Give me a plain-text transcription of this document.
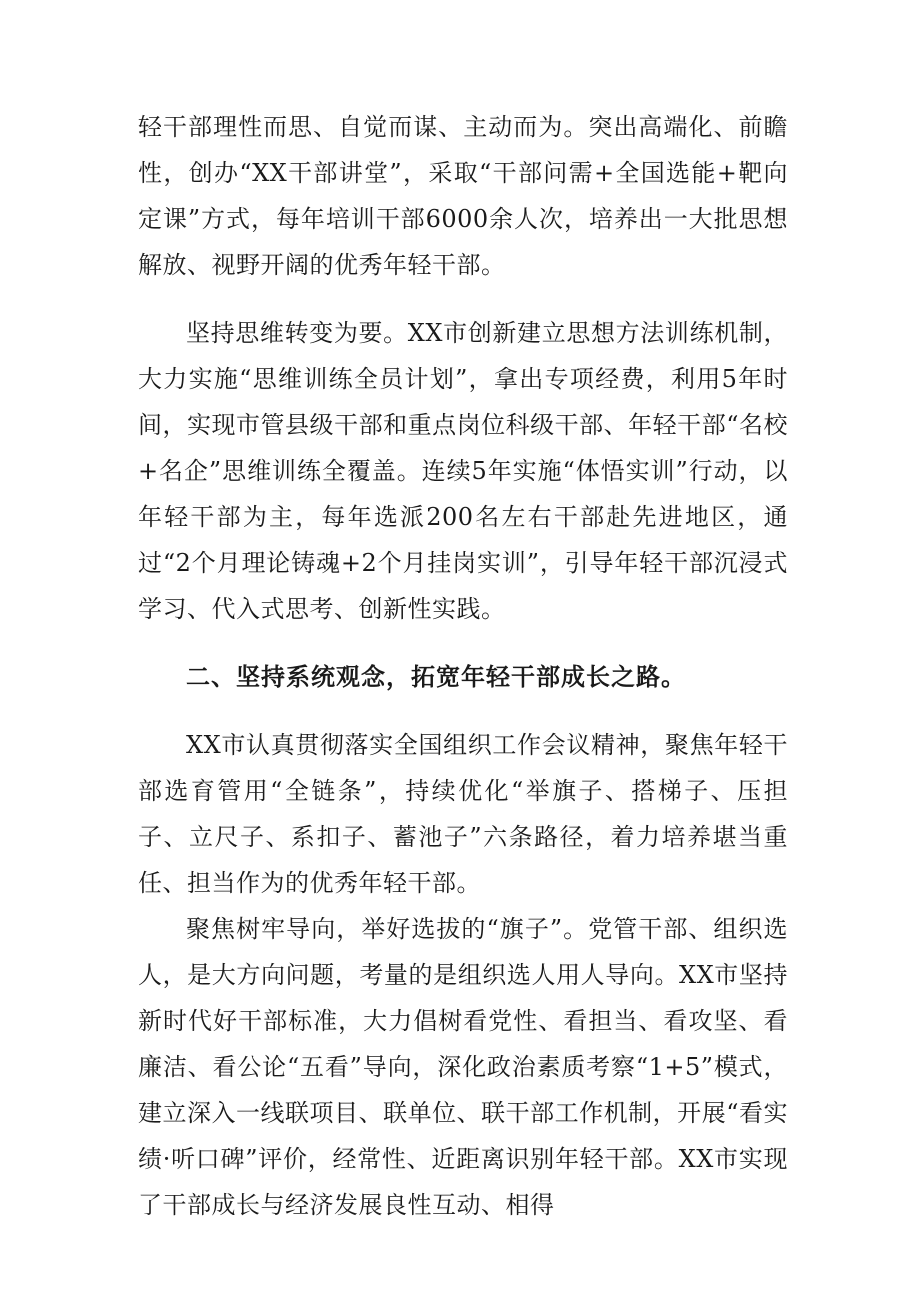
轻干部理性而思、自觉而谋、主动而为。突出高端化、前瞻性，创办“XX干部讲堂”，采取“干部问需+全国选能+靶向定课”方式，每年培训干部6000余人次，培养出一大批思想解放、视野开阔的优秀年轻干部。

坚持思维转变为要。XX市创新建立思想方法训练机制，大力实施“思维训练全员计划”，拿出专项经费，利用5年时间，实现市管县级干部和重点岗位科级干部、年轻干部“名校+名企”思维训练全覆盖。连续5年实施“体悟实训”行动，以年轻干部为主，每年选派200名左右干部赴先进地区，通过“2个月理论铸魂+2个月挂岗实训”，引导年轻干部沉浸式学习、代入式思考、创新性实践。

二、坚持系统观念，拓宽年轻干部成长之路。

XX市认真贯彻落实全国组织工作会议精神，聚焦年轻干部选育管用“全链条”，持续优化“举旗子、搭梯子、压担子、立尺子、系扣子、蓄池子”六条路径，着力培养堪当重任、担当作为的优秀年轻干部。

聚焦树牢导向，举好选拔的“旗子”。党管干部、组织选人，是大方向问题，考量的是组织选人用人导向。XX市坚持新时代好干部标准，大力倡树看党性、看担当、看攻坚、看廉洁、看公论“五看”导向，深化政治素质考察“1+5”模式，建立深入一线联项目、联单位、联干部工作机制，开展“看实绩·听口碑”评价，经常性、近距离识别年轻干部。XX市实现了干部成长与经济发展良性互动、相得
